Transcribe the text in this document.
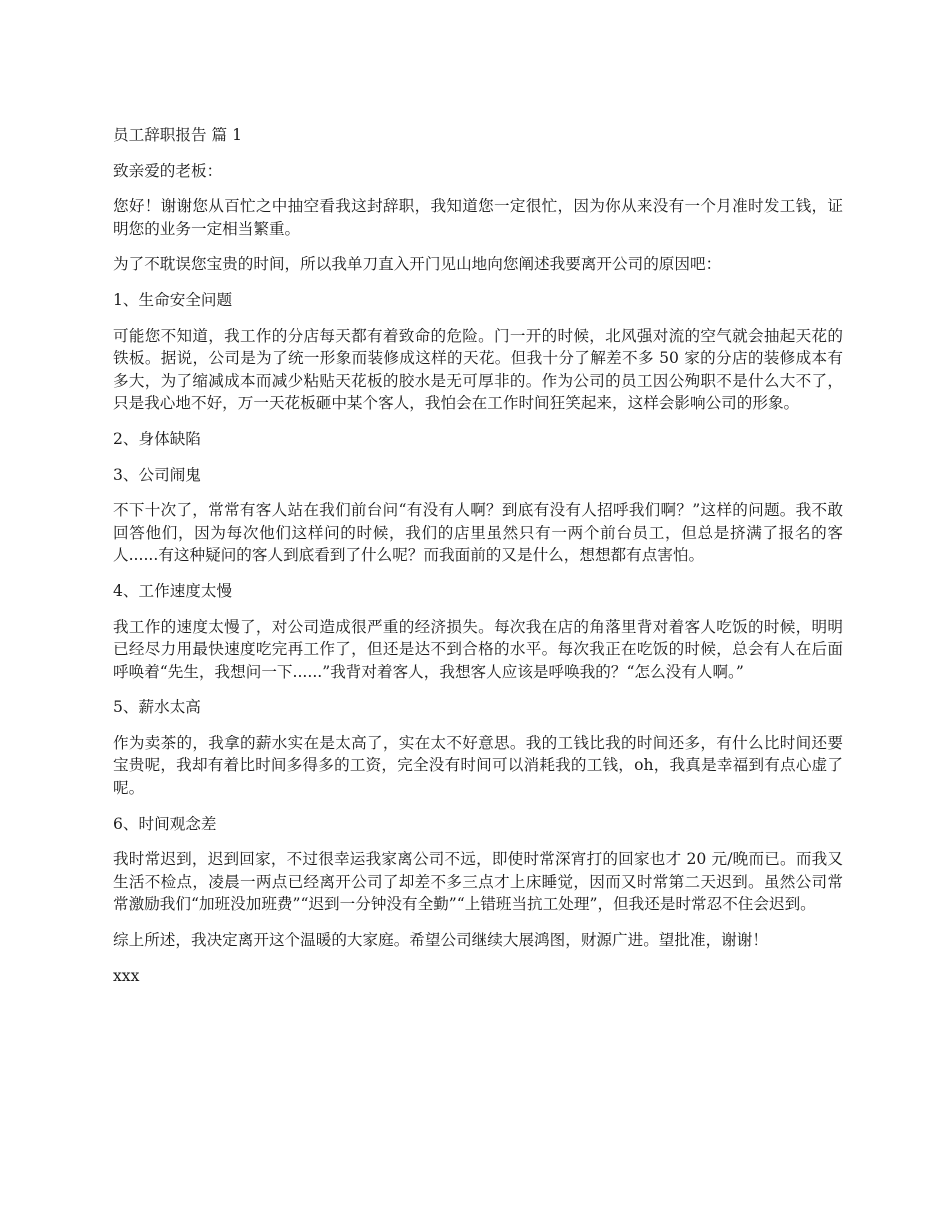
员工辞职报告 篇 1

致亲爱的老板：

您好！谢谢您从百忙之中抽空看我这封辞职，我知道您一定很忙，因为你从来没有一个月准时发工钱，证明您的业务一定相当繁重。

为了不耽误您宝贵的时间，所以我单刀直入开门见山地向您阐述我要离开公司的原因吧：

1、生命安全问题

可能您不知道，我工作的分店每天都有着致命的危险。门一开的时候，北风强对流的空气就会抽起天花的铁板。据说，公司是为了统一形象而装修成这样的天花。但我十分了解差不多 50 家的分店的装修成本有多大，为了缩减成本而减少粘贴天花板的胶水是无可厚非的。作为公司的员工因公殉职不是什么大不了，只是我心地不好，万一天花板砸中某个客人，我怕会在工作时间狂笑起来，这样会影响公司的形象。

2、身体缺陷

3、公司闹鬼

不下十次了，常常有客人站在我们前台问“有没有人啊？到底有没有人招呼我们啊？”这样的问题。我不敢回答他们，因为每次他们这样问的时候，我们的店里虽然只有一两个前台员工，但总是挤满了报名的客人......有这种疑问的客人到底看到了什么呢？而我面前的又是什么，想想都有点害怕。

4、工作速度太慢

我工作的速度太慢了，对公司造成很严重的经济损失。每次我在店的角落里背对着客人吃饭的时候，明明已经尽力用最快速度吃完再工作了，但还是达不到合格的水平。每次我正在吃饭的时候，总会有人在后面呼唤着“先生，我想问一下......”我背对着客人，我想客人应该是呼唤我的？“怎么没有人啊。”

5、薪水太高

作为卖茶的，我拿的薪水实在是太高了，实在太不好意思。我的工钱比我的时间还多，有什么比时间还要宝贵呢，我却有着比时间多得多的工资，完全没有时间可以消耗我的工钱，oh，我真是幸福到有点心虚了呢。

6、时间观念差

我时常迟到，迟到回家，不过很幸运我家离公司不远，即使时常深宵打的回家也才 20 元/晚而已。而我又生活不检点，凌晨一两点已经离开公司了却差不多三点才上床睡觉，因而又时常第二天迟到。虽然公司常常激励我们“加班没加班费”“迟到一分钟没有全勤”“上错班当抗工处理”，但我还是时常忍不住会迟到。

综上所述，我决定离开这个温暖的大家庭。希望公司继续大展鸿图，财源广进。望批准，谢谢！

xxx
